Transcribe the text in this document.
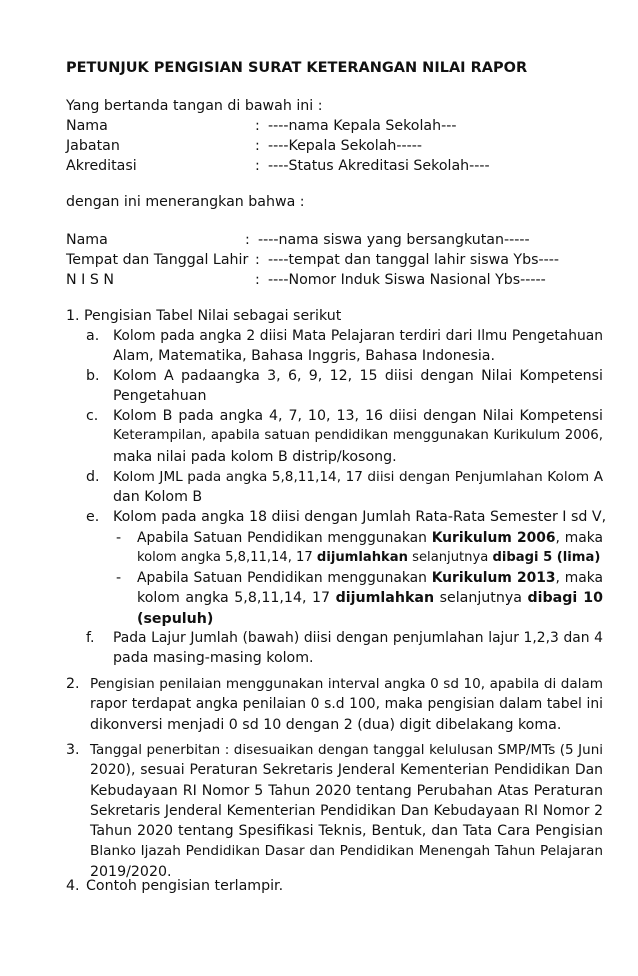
PETUNJUK PENGISIAN SURAT KETERANGAN NILAI RAPOR
Yang bertanda tangan di bawah ini :
Nama	: ----nama Kepala Sekolah---
Jabatan	: ----Kepala Sekolah-----
Akreditasi	: ----Status Akreditasi Sekolah----
dengan ini menerangkan bahwa :
Nama	: ----nama siswa yang bersangkutan-----
Tempat dan Tanggal Lahir : ----tempat dan tanggal lahir siswa Ybs----
N I S N	: ----Nomor Induk Siswa Nasional Ybs-----
1. Pengisian Tabel Nilai sebagai serikut
a. Kolom pada angka 2 diisi Mata Pelajaran terdiri dari Ilmu Pengetahuan
Alam, Matematika, Bahasa Inggris, Bahasa Indonesia.
b. Kolom A padaangka 3, 6, 9, 12, 15 diisi dengan Nilai Kompetensi
Pengetahuan
c. Kolom B pada angka 4, 7, 10, 13, 16 diisi dengan Nilai Kompetensi
Keterampilan, apabila satuan pendidikan menggunakan Kurikulum 2006,
maka nilai pada kolom B distrip/kosong.
d. Kolom JML pada angka 5,8,11,14, 17 diisi dengan Penjumlahan Kolom A
dan Kolom B
e. Kolom pada angka 18 diisi dengan Jumlah Rata-Rata Semester I sd V,
- Apabila Satuan Pendidikan menggunakan Kurikulum 2006, maka
kolom angka 5,8,11,14, 17 dijumlahkan selanjutnya dibagi 5 (lima)
- Apabila Satuan Pendidikan menggunakan Kurikulum 2013, maka
kolom angka 5,8,11,14, 17 dijumlahkan selanjutnya dibagi 10
(sepuluh)
f. Pada Lajur Jumlah (bawah) diisi dengan penjumlahan lajur 1,2,3 dan 4
pada masing-masing kolom.
2. Pengisian penilaian menggunakan interval angka 0 sd 10, apabila di dalam
rapor terdapat angka penilaian 0 s.d 100, maka pengisian dalam tabel ini
dikonversi menjadi 0 sd 10 dengan 2 (dua) digit dibelakang koma.
3. Tanggal penerbitan : disesuaikan dengan tanggal kelulusan SMP/MTs (5 Juni
2020), sesuai Peraturan Sekretaris Jenderal Kementerian Pendidikan Dan
Kebudayaan RI Nomor 5 Tahun 2020 tentang Perubahan Atas Peraturan
Sekretaris Jenderal Kementerian Pendidikan Dan Kebudayaan RI Nomor 2
Tahun 2020 tentang Spesifikasi Teknis, Bentuk, dan Tata Cara Pengisian
Blanko Ijazah Pendidikan Dasar dan Pendidikan Menengah Tahun Pelajaran
2019/2020.
4. Contoh pengisian terlampir.
